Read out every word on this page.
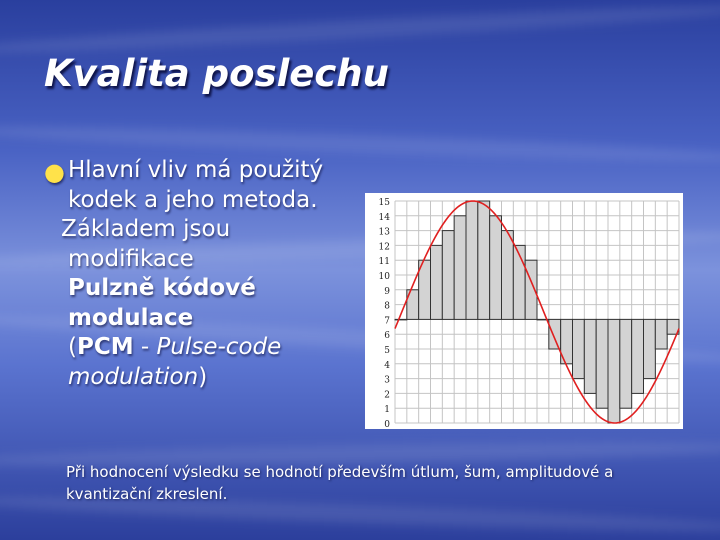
Kvalita poslechu
● Hlavní vliv má použitý
kodek a jeho metoda.
Základem jsou
modifikace
Pulzně kódové
modulace
(PCM - Pulse-code
modulation)
0
1
2
3
4
5
6
7
8
9
10
11
12
13
14
15
Při hodnocení výsledku se hodnotí především útlum, šum, amplitudové a
kvantizační zkreslení.
